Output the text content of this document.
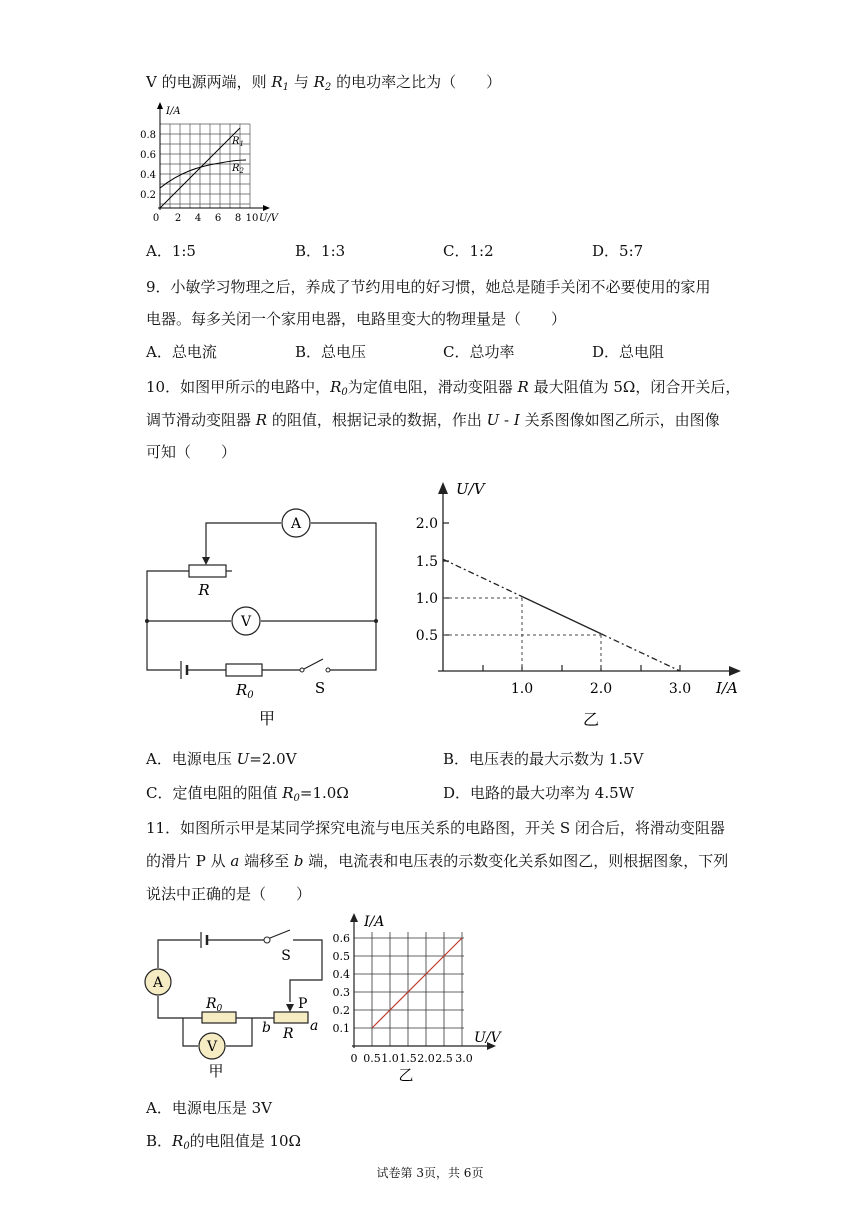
V 的电源两端，则 $R_1$ 与 $R_2$ 的电功率之比为（　　）
I/A
0.8
0.6
0.4
0.2
0 2 4 6 8 10 U/V
$R_1$
$R_2$
A．1:5	B．1:3	C．1:2	D．5:7
9．小敏学习物理之后，养成了节约用电的好习惯，她总是随手关闭不必要使用的家用
电器。每多关闭一个家用电器，电路里变大的物理量是（　　）
A．总电流	B．总电压	C．总功率	D．总电阻
10．如图甲所示的电路中，$R_0$为定值电阻，滑动变阻器 R 最大阻值为 5Ω，闭合开关后，
调节滑动变阻器 R 的阻值，根据记录的数据，作出 U - I 关系图像如图乙所示，由图像
可知（　　）
A
V
R
$R_0$	S
甲
U/V
2.0
1.5
1.0
0.5
1.0	2.0	3.0 I/A
乙
A．电源电压 U=2.0V	B．电压表的最大示数为 1.5V
C．定值电阻的阻值 $R_0=1.0\Omega$	D．电路的最大功率为 4.5W
11．如图所示甲是某同学探究电流与电压关系的电路图，开关 S 闭合后，将滑动变阻器
的滑片 P 从 a 端移至 b 端，电流表和电压表的示数变化关系如图乙，则根据图象，下列
说法中正确的是（　　）
A
V
S
$R_0$	P
b R a
甲
I/A
0.6
0.5
0.4
0.3
0.2
0.1
0 0.5 1.0 1.5 2.0 2.5 3.0
U/V
乙
A．电源电压是 3V
B．$R_0$的电阻值是 10Ω
试卷第 3页，共 6页
